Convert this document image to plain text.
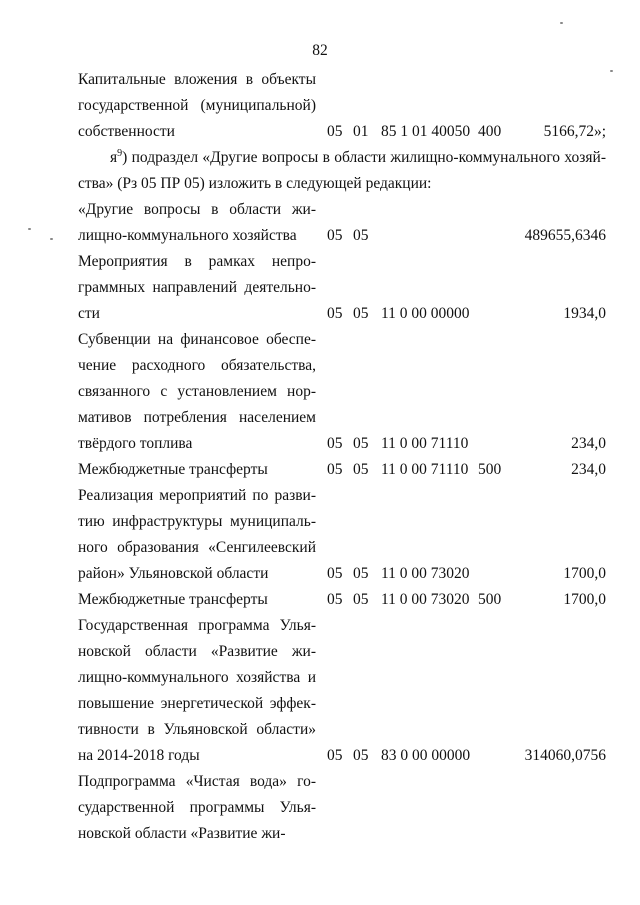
82
Капитальные вложения в объекты
государственной (муниципальной)
собственности	05 01 85 1 01 40050 400	5166,72»;
$я^9$) подраздел «Другие вопросы в области жилищно-коммунального хозяй-
ства» (Рз 05 ПР 05) изложить в следующей редакции:
«Другие вопросы в области жи-
лищно-коммунального хозяйства	05 05	489655,6346
Мероприятия в рамках непро-
граммных направлений деятельно-
сти	05 05 11 0 00 00000	1934,0
Субвенции на финансовое обеспе-
чение расходного обязательства,
связанного с установлением нор-
мативов потребления населением
твёрдого топлива	05 05 11 0 00 71110	234,0
Межбюджетные трансферты	05 05 11 0 00 71110 500	234,0
Реализация мероприятий по разви-
тию инфраструктуры муниципаль-
ного образования «Сенгилеевский
район» Ульяновской области	05 05 11 0 00 73020	1700,0
Межбюджетные трансферты	05 05 11 0 00 73020 500	1700,0
Государственная программа Улья-
новской области «Развитие жи-
лищно-коммунального хозяйства и
повышение энергетической эффек-
тивности в Ульяновской области»
на 2014-2018 годы	05 05 83 0 00 00000	314060,0756
Подпрограмма «Чистая вода» го-
сударственной программы Улья-
новской области «Развитие жи-
